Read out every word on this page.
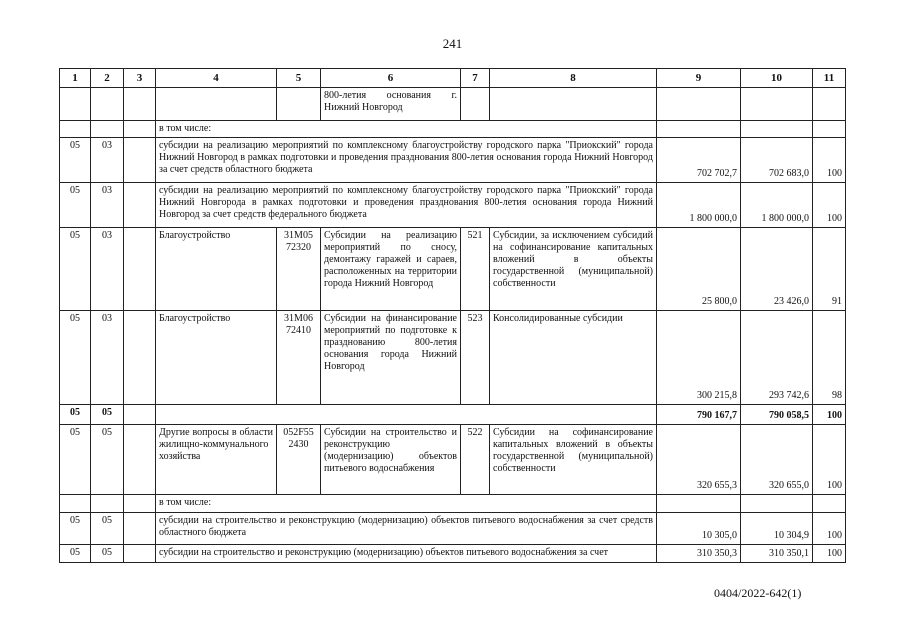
241
1	2	3	4	5	6	7	8	9	10	11
					800-летия основания г. Нижний Новгород					
			в том числе:							
05	03		субсидии на реализацию мероприятий по комплексному благоустройству городского парка "Приокский" города Нижний Новгород в рамках подготовки и проведения празднования 800-летия основания города Нижний Новгород за счет средств областного бюджета					702 702,7	702 683,0	100
05	03		субсидии на реализацию мероприятий по комплексному благоустройству городского парка "Приокский" города Нижний Новгорода в рамках подготовки и проведения празднования 800-летия основания города Нижний Новгород за счет средств федерального бюджета					1 800 000,0	1 800 000,0	100
05	03		Благоустройство	31М05 72320	Субсидии на реализацию мероприятий по сносу, демонтажу гаражей и сараев, расположенных на территории города Нижний Новгород	521	Субсидии, за исключением субсидий на софинансирование капитальных вложений в объекты государственной (муниципальной) собственности	25 800,0	23 426,0	91
05	03		Благоустройство	31М06 72410	Субсидии на финансирование мероприятий по подготовке к празднованию 800-летия основания города Нижний Новгород	523	Консолидированные субсидии	300 215,8	293 742,6	98
05	05							790 167,7	790 058,5	100
05	05		Другие вопросы в области жилищно-коммунального хозяйства	052F55 2430	Субсидии на строительство и реконструкцию (модернизацию) объектов питьевого водоснабжения	522	Субсидии на софинансирование капитальных вложений в объекты государственной (муниципальной) собственности	320 655,3	320 655,0	100
			в том числе:							
05	05		субсидии на строительство и реконструкцию (модернизацию) объектов питьевого водоснабжения за счет средств областного бюджета					10 305,0	10 304,9	100
05	05		субсидии на строительство и реконструкцию (модернизацию) объектов питьевого водоснабжения за счет					310 350,3	310 350,1	100
0404/2022-642(1)
